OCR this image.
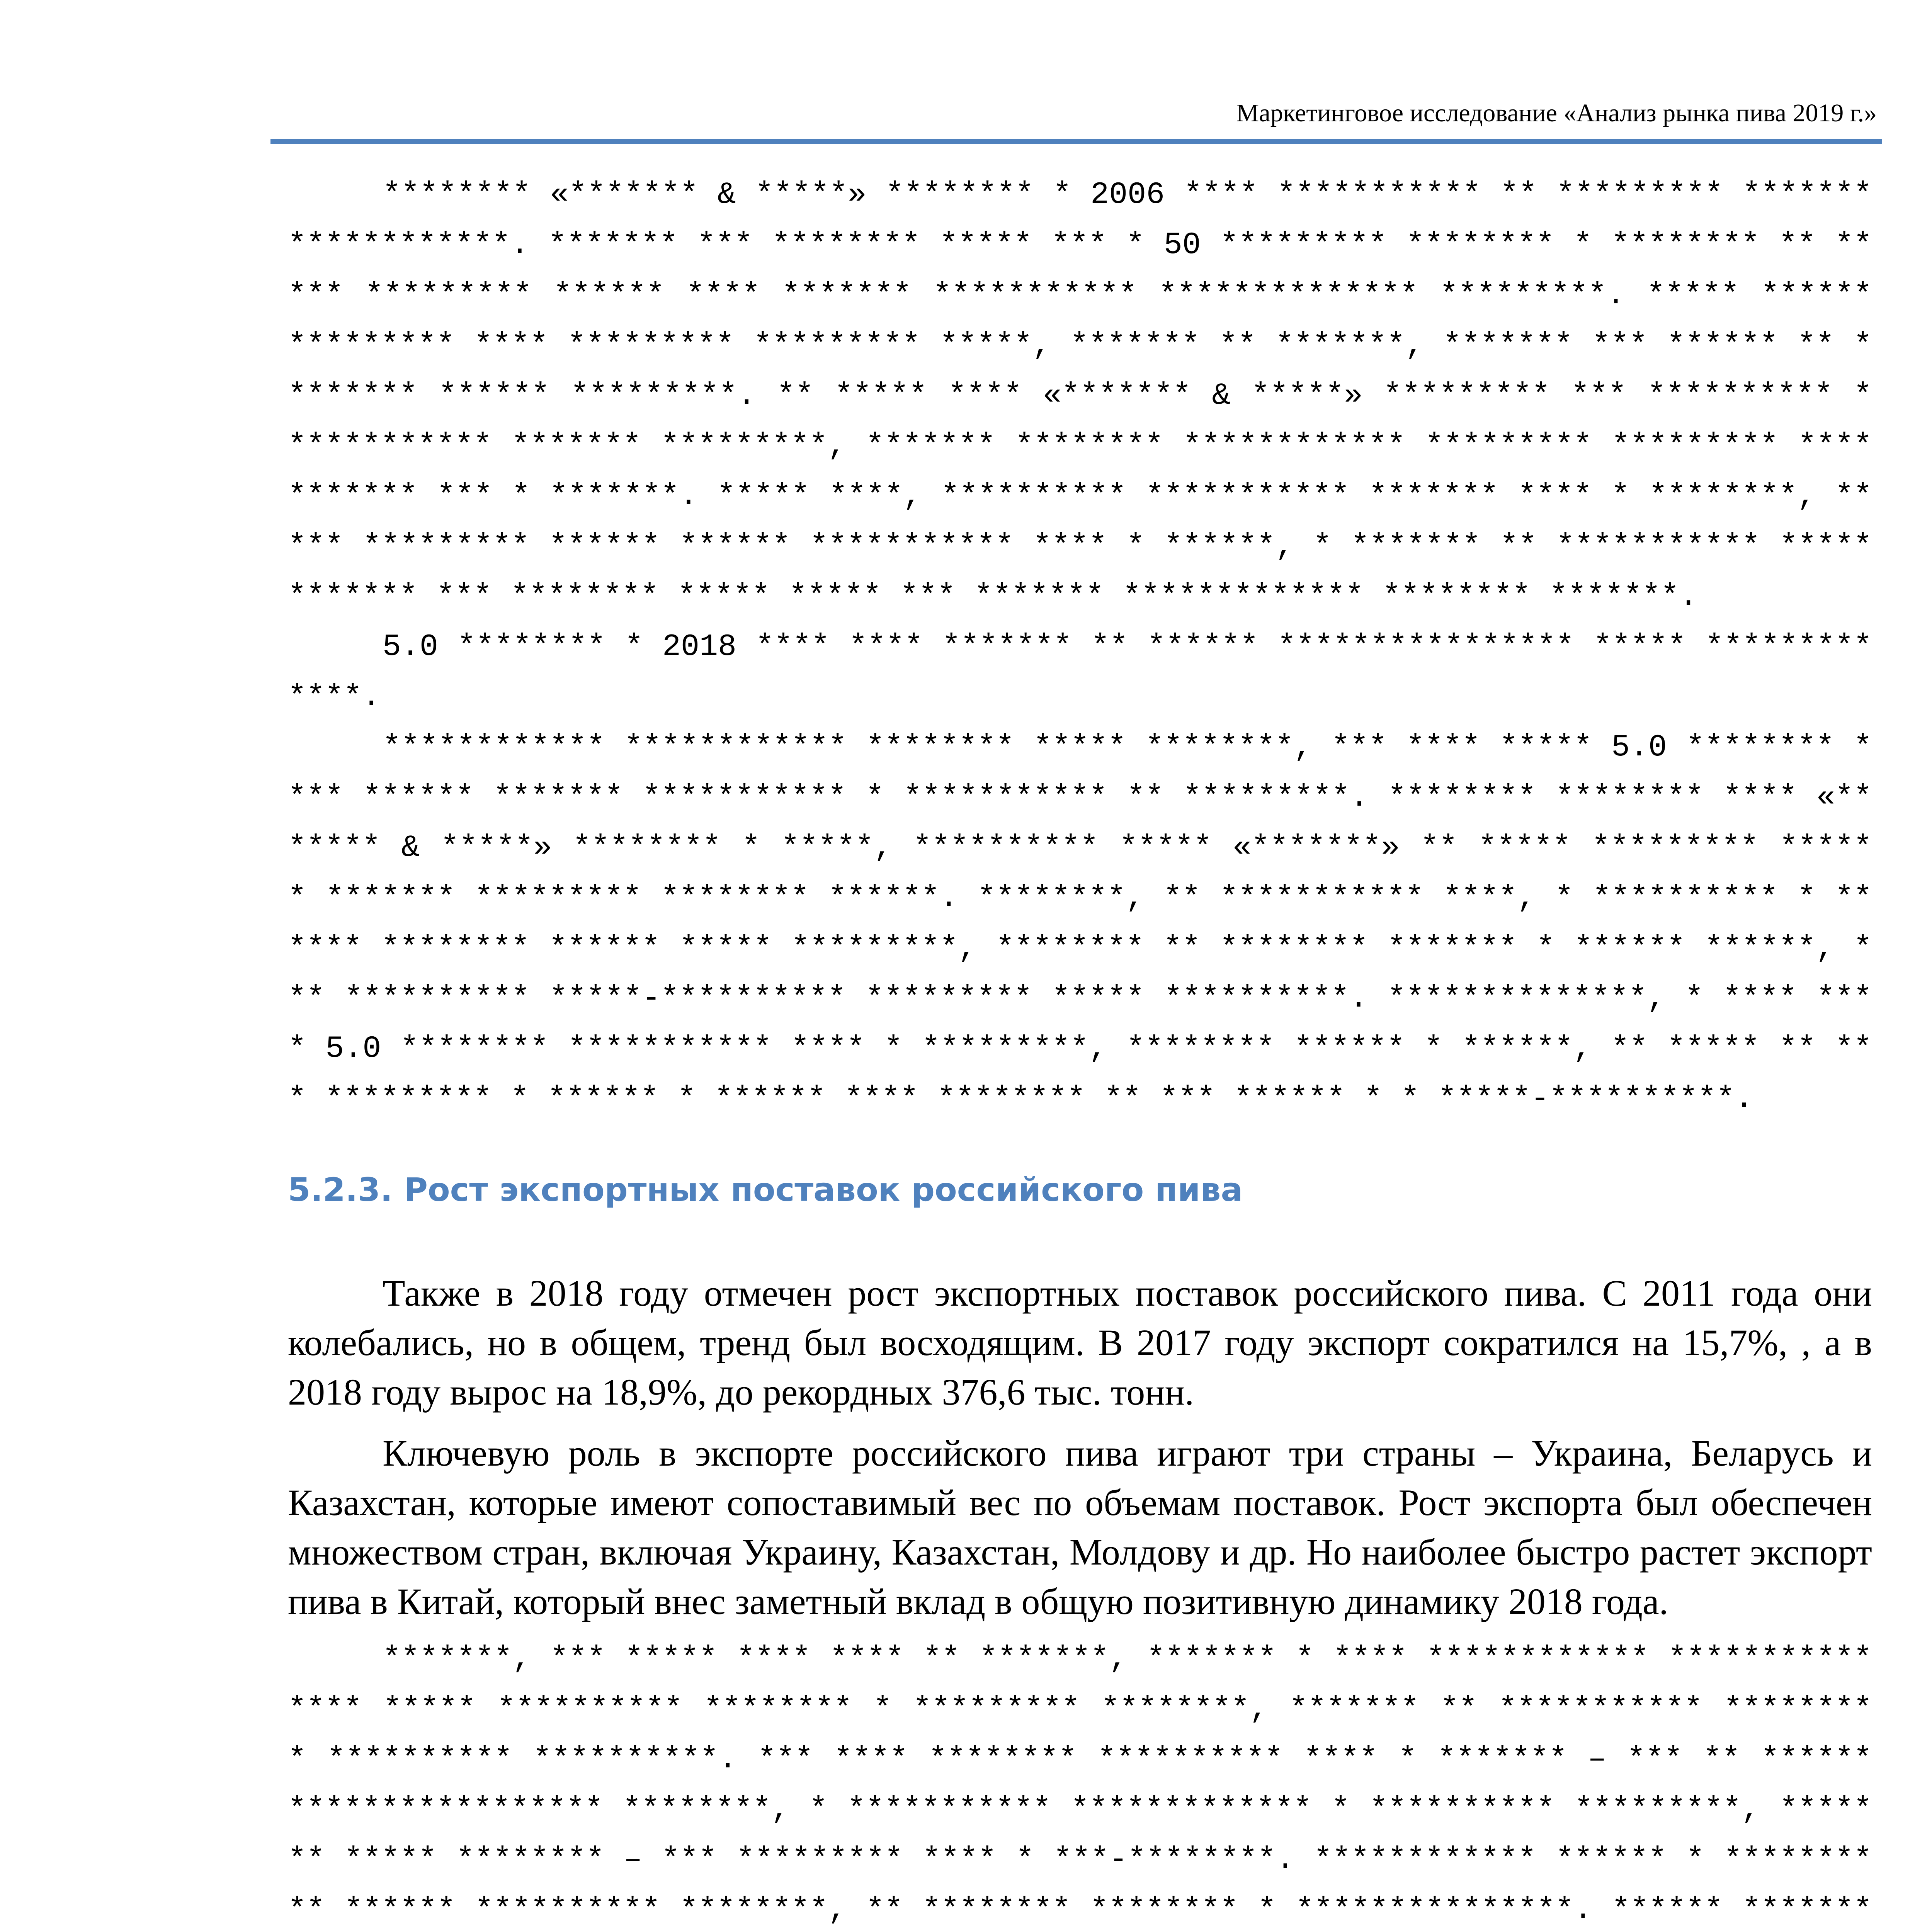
Маркетинговое исследование «Анализ рынка пива 2019 г.»

******** «******* & *****» ******** * 2006 **** *********** ** ********* ******* ************. ******* *** ******** ***** *** * 50 ********* ******** * ******** ** ***** ********* ****** **** ******* *********** ************** *********. ***** ****** ********* **** ********* ********* *****, ******* ** *******, ******* *** ****** ** ******** ****** *********. ** ***** **** «******* & *****» ********* *** ********** * *********** ******* *********, ******* ******** ************ ********* ********* **** ******* *** * *******. ***** ****, ********** *********** ******* **** * ********, ***** ********* ****** ****** *********** **** * ******, * ******* ** *********** ************ *** ******** ***** ***** *** ******* ************* ******** *******.

5.0 ******** * 2018 **** **** ******* ** ****** **************** ***** ********* ****.

************ ************ ******** ***** ********, *** **** ***** 5.0 ******** **** ****** ******* *********** * *********** ** *********. ******** ******** **** «******* & *****» ******** * *****, ********** ***** «*******» ** ***** ********* ***** * ******* ********* ******** ******. ********, ** *********** ****, * ********** * ****** ******** ****** ***** *********, ******** ** ******** ******* * ****** ******, * ** ********** *****-********** ********* ***** **********. **************, * **** **** 5.0 ******** *********** **** * *********, ******** ****** * ******, ** ***** ** *** ********* * ****** * ****** **** ******** ** *** ****** * * *****-**********.

5.2.3. Рост экспортных поставок российского пива

Также в 2018 году отмечен рост экспортных поставок российского пива. С 2011 года они колебались, но в общем, тренд был восходящим. В 2017 году экспорт сократился на 15,7%, , а в 2018 году вырос на 18,9%, до рекордных 376,6 тыс. тонн.

Ключевую роль в экспорте российского пива играют три страны – Украина, Беларусь и Казахстан, которые имеют сопоставимый вес по объемам поставок. Рост экспорта был обеспечен множеством стран, включая Украину, Казахстан, Молдову и др. Но наиболее быстро растет экспорт пива в Китай, который внес заметный вклад в общую позитивную динамику 2018 года.

*******, *** ***** **** **** ** *******, ******* * **** ************ *************** ***** ********** ******** * ********* ********, ******* ** *********** ******** * ********** **********. *** **** ******** ********** **** * ******* – *** ** ****** ***************** ********, * *********** ************* * ********** *********, ******* ***** ******** – *** ********* **** * ***-********. ************ ****** * ********** ****** ********** ********, ** ******** ******** * ***************. ****** *******
